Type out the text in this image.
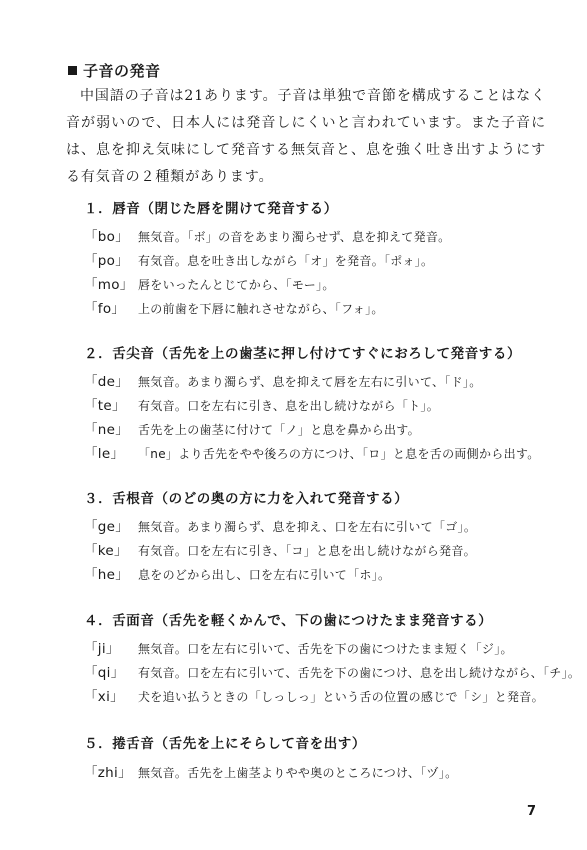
子音の発音

中国語の子音は21あります。子音は単独で音節を構成することはなく音が弱いので、日本人には発音しにくいと言われています。また子音には、息を抑え気味にして発音する無気音と、息を強く吐き出すようにする有気音の２種類があります。

１．唇音（閉じた唇を開けて発音する）
「bo」 無気音。「ボ」の音をあまり濁らせず、息を抑えて発音。
「po」 有気音。息を吐き出しながら「オ」を発音。「ポォ」。
「mo」 唇をいったんとじてから、「モー」。
「fo」	上の前歯を下唇に触れさせながら、「フォ」。
２．舌尖音（舌先を上の歯茎に押し付けてすぐにおろして発音する）
「de」 無気音。あまり濁らず、息を抑えて唇を左右に引いて、「ド」。
「te」	有気音。口を左右に引き、息を出し続けながら「ト」。
「ne」 舌先を上の歯茎に付けて「ノ」と息を鼻から出す。
「le」	「ne」より舌先をやや後ろの方につけ、「ロ」と息を舌の両側から出す。
３．舌根音（のどの奥の方に力を入れて発音する）
「ge」 無気音。あまり濁らず、息を抑え、口を左右に引いて「ゴ」。
「ke」 有気音。口を左右に引き、「コ」と息を出し続けながら発音。
「he」 息をのどから出し、口を左右に引いて「ホ」。
４．舌面音（舌先を軽くかんで、下の歯につけたまま発音する）
「ji」	無気音。口を左右に引いて、舌先を下の歯につけたまま短く「ジ」。
「qi」	有気音。口を左右に引いて、舌先を下の歯につけ、息を出し続けながら、「チ」。
「xi」	犬を追い払うときの「しっしっ」という舌の位置の感じで「シ」と発音。
５．捲舌音（舌先を上にそらして音を出す）
「zhi」 無気音。舌先を上歯茎よりやや奥のところにつけ、「ヅ」。
7
